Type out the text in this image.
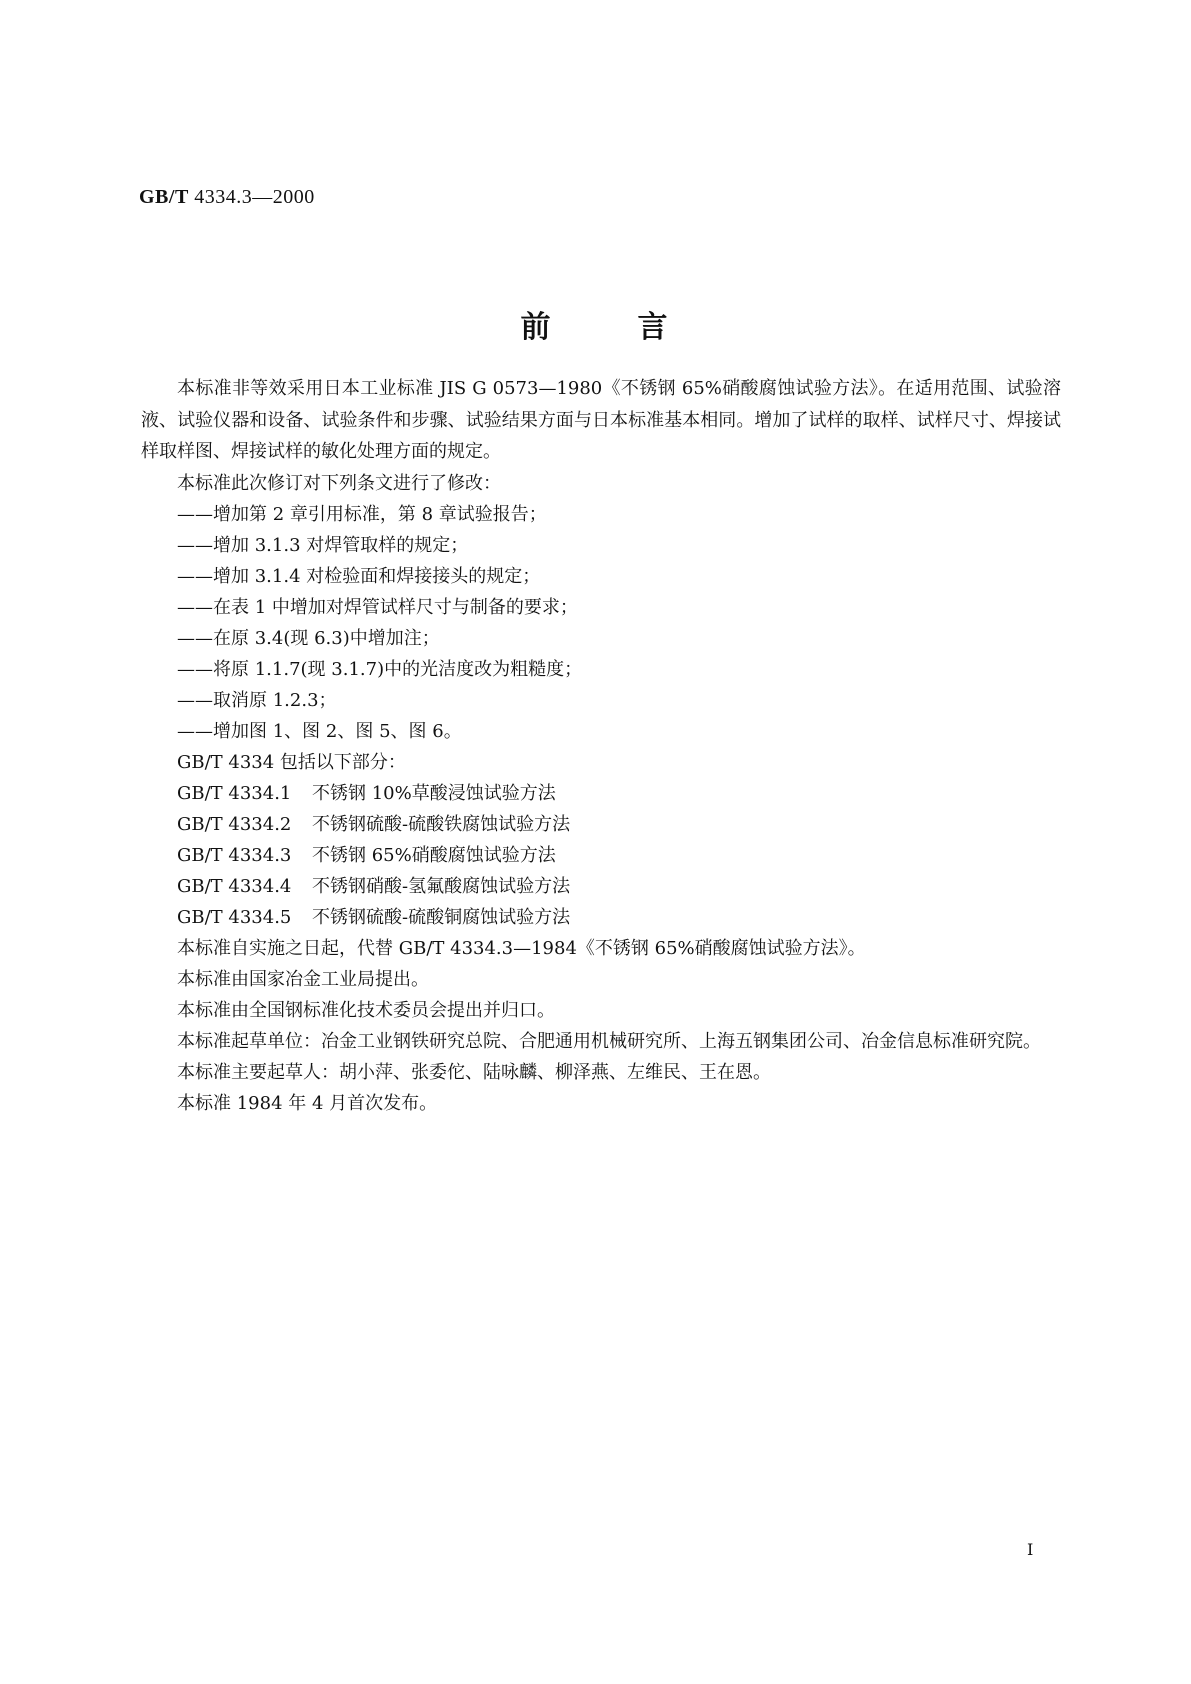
GB/T 4334.3—2000
前	言

本标准非等效采用日本工业标准 JIS G 0573—1980《不锈钢 65%硝酸腐蚀试验方法》。在适用范围、试验溶液、试验仪器和设备、试验条件和步骤、试验结果方面与日本标准基本相同。增加了试样的取样、试样尺寸、焊接试样取样图、焊接试样的敏化处理方面的规定。

本标准此次修订对下列条文进行了修改：

——增加第 2 章引用标准，第 8 章试验报告；

——增加 3.1.3 对焊管取样的规定；

——增加 3.1.4 对检验面和焊接接头的规定；

——在表 1 中增加对焊管试样尺寸与制备的要求；

——在原 3.4(现 6.3)中增加注；

——将原 1.1.7(现 3.1.7)中的光洁度改为粗糙度；

——取消原 1.2.3；

——增加图 1、图 2、图 5、图 6。

GB/T 4334 包括以下部分：

GB/T 4334.1 不锈钢 10%草酸浸蚀试验方法

GB/T 4334.2 不锈钢硫酸-硫酸铁腐蚀试验方法

GB/T 4334.3 不锈钢 65%硝酸腐蚀试验方法

GB/T 4334.4 不锈钢硝酸-氢氟酸腐蚀试验方法

GB/T 4334.5 不锈钢硫酸-硫酸铜腐蚀试验方法

本标准自实施之日起，代替 GB/T 4334.3—1984《不锈钢 65%硝酸腐蚀试验方法》。

本标准由国家冶金工业局提出。

本标准由全国钢标准化技术委员会提出并归口。

本标准起草单位：冶金工业钢铁研究总院、合肥通用机械研究所、上海五钢集团公司、冶金信息标准研究院。

本标准主要起草人：胡小萍、张委佗、陆咏麟、柳泽燕、左维民、王在恩。

本标准 1984 年 4 月首次发布。

I
